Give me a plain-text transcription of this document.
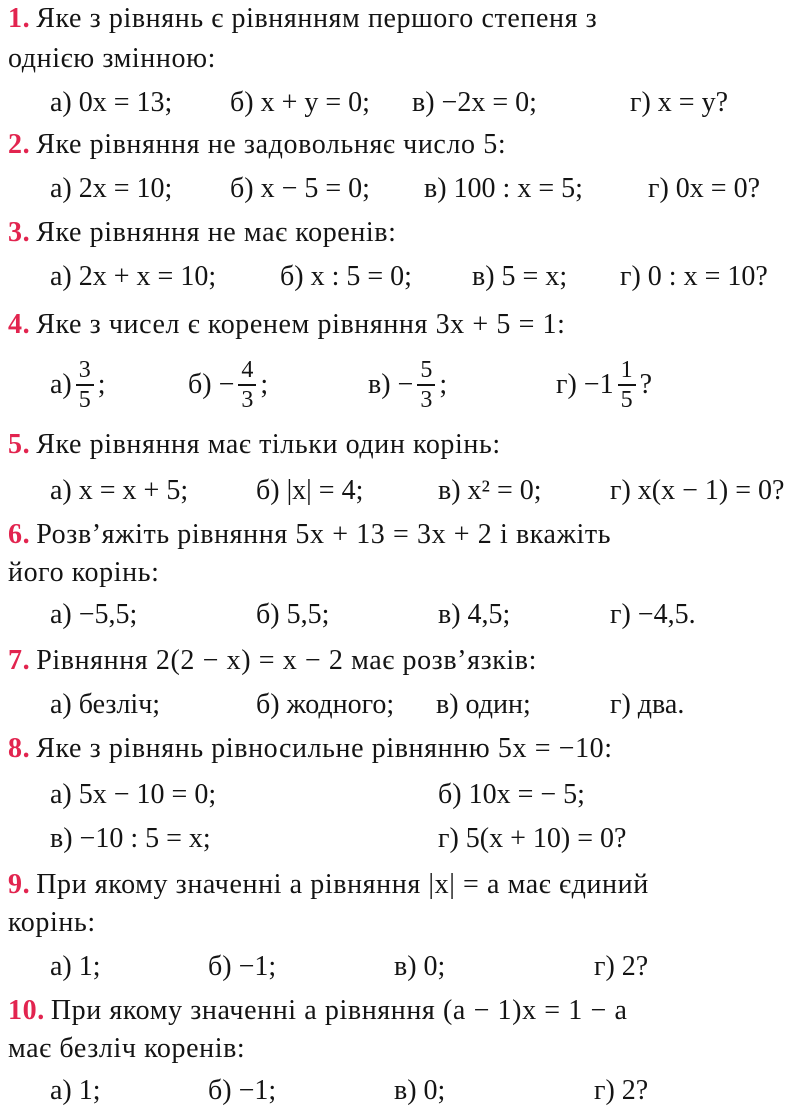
1. Яке з рівнянь є рівнянням першого степеня з
однією змінною:
а) 0x = 13; б) x + y = 0; в) −2x = 0;	г) x = y?
2. Яке рівняння не задовольняє число 5:
а) 2x = 10; б) x − 5 = 0; в) 100 : x = 5; г) 0x = 0?
3. Яке рівняння не має коренів:
а) 2x + x = 10; б) x : 5 = 0; в) 5 = x; г) 0 : x = 10?
4. Яке з чисел є коренем рівняння 3x + 5 = 1:
$а) \frac{3}{5}$ ;	$б) - \frac{4}{3}$ ;	$в) - \frac{5}{3}$ ;	$г) -1 \frac{1}{5}$ ?
5. Яке рівняння має тільки один корінь:
а) x = x + 5; б) |x| = 4;	в) x² = 0; г) x(x − 1) = 0?
6. Розв’яжіть рівняння 5x + 13 = 3x + 2 і вкажіть
його корінь:
а) −5,5;	б) 5,5;	в) 4,5;	г) −4,5.
7. Рівняння 2(2 − x) = x − 2 має розв’язків:
а) безліч;	б) жодного; в) один;	г) два.
8. Яке з рівнянь рівносильне рівнянню 5x = −10:
а) 5x − 10 = 0;	б) 10x = − 5;
в) −10 : 5 = x;	г) 5(x + 10) = 0?
9. При якому значенні a рівняння |x| = a має єдиний
корінь:
а) 1;	б) −1;	в) 0;	г) 2?
10. При якому значенні a рівняння (a − 1)x = 1 − a
має безліч коренів:
а) 1;	б) −1;	в) 0;	г) 2?
